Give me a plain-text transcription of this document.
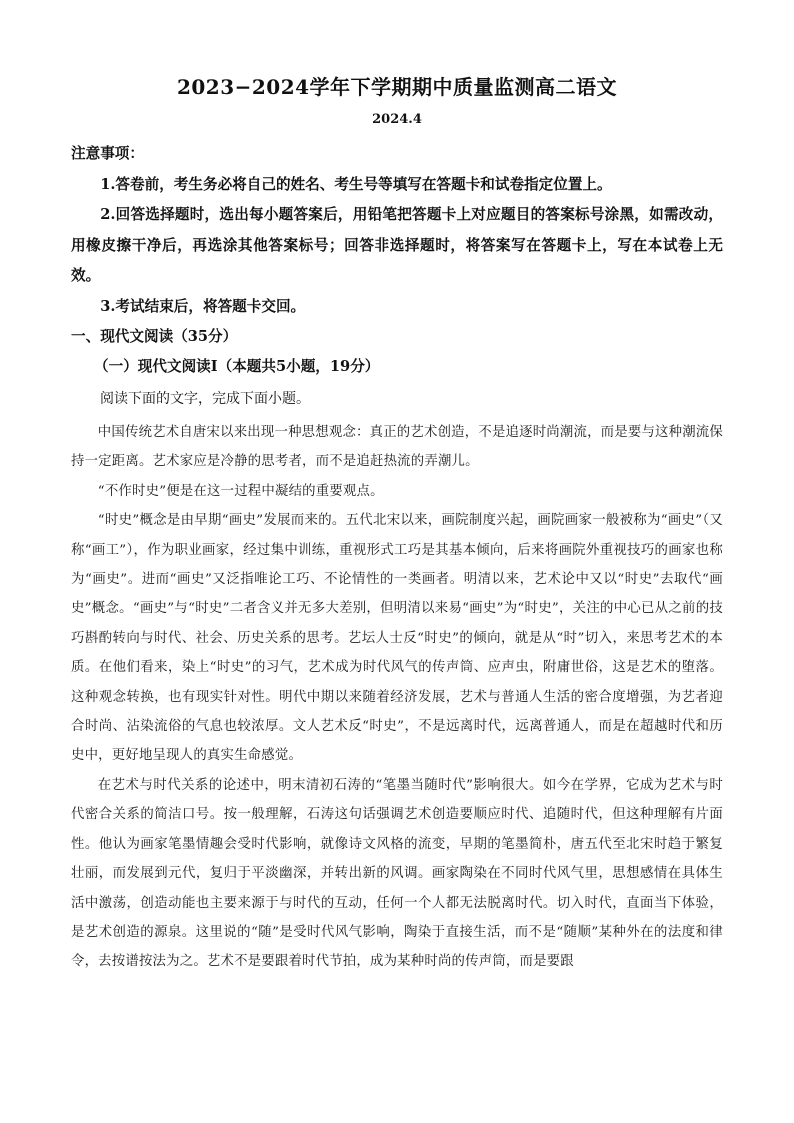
2023−2024学年下学期期中质量监测高二语文
2024.4

注意事项：

1.答卷前，考生务必将自己的姓名、考生号等填写在答题卡和试卷指定位置上。

2.回答选择题时，选出每小题答案后，用铅笔把答题卡上对应题目的答案标号涂黑，如需改动，用橡皮擦干净后，再选涂其他答案标号；回答非选择题时，将答案写在答题卡上，写在本试卷上无效。

3.考试结束后，将答题卡交回。

一、现代文阅读（35分）
（一）现代文阅读Ⅰ（本题共5小题，19分）
阅读下面的文字，完成下面小题。

中国传统艺术自唐宋以来出现一种思想观念：真正的艺术创造，不是追逐时尚潮流，而是要与这种潮流保持一定距离。艺术家应是冷静的思考者，而不是追赶热流的弄潮儿。

“不作时史”便是在这一过程中凝结的重要观点。

“时史”概念是由早期“画史”发展而来的。五代北宋以来，画院制度兴起，画院画家一般被称为“画史”（又称“画工”），作为职业画家，经过集中训练，重视形式工巧是其基本倾向，后来将画院外重视技巧的画家也称为“画史”。进而“画史”又泛指唯论工巧、不论情性的一类画者。明清以来，艺术论中又以“时史”去取代“画史”概念。“画史”与“时史”二者含义并无多大差别，但明清以来易“画史”为“时史”，关注的中心已从之前的技巧斟酌转向与时代、社会、历史关系的思考。艺坛人士反“时史”的倾向，就是从“时”切入，来思考艺术的本质。在他们看来，染上“时史”的习气，艺术成为时代风气的传声筒、应声虫，附庸世俗，这是艺术的堕落。这种观念转换，也有现实针对性。明代中期以来随着经济发展，艺术与普通人生活的密合度增强，为艺者迎合时尚、沾染流俗的气息也较浓厚。文人艺术反“时史”，不是远离时代，远离普通人，而是在超越时代和历史中，更好地呈现人的真实生命感觉。

在艺术与时代关系的论述中，明末清初石涛的“笔墨当随时代”影响很大。如今在学界，它成为艺术与时代密合关系的简洁口号。按一般理解，石涛这句话强调艺术创造要顺应时代、追随时代，但这种理解有片面性。他认为画家笔墨情趣会受时代影响，就像诗文风格的流变，早期的笔墨简朴，唐五代至北宋时趋于繁复壮丽，而发展到元代，复归于平淡幽深，并转出新的风调。画家陶染在不同时代风气里，思想感情在具体生活中激荡，创造动能也主要来源于与时代的互动，任何一个人都无法脱离时代。切入时代，直面当下体验，是艺术创造的源泉。这里说的“随”是受时代风气影响，陶染于直接生活，而不是“随顺”某种外在的法度和律令，去按谱按法为之。艺术不是要跟着时代节拍，成为某种时尚的传声筒，而是要跟
